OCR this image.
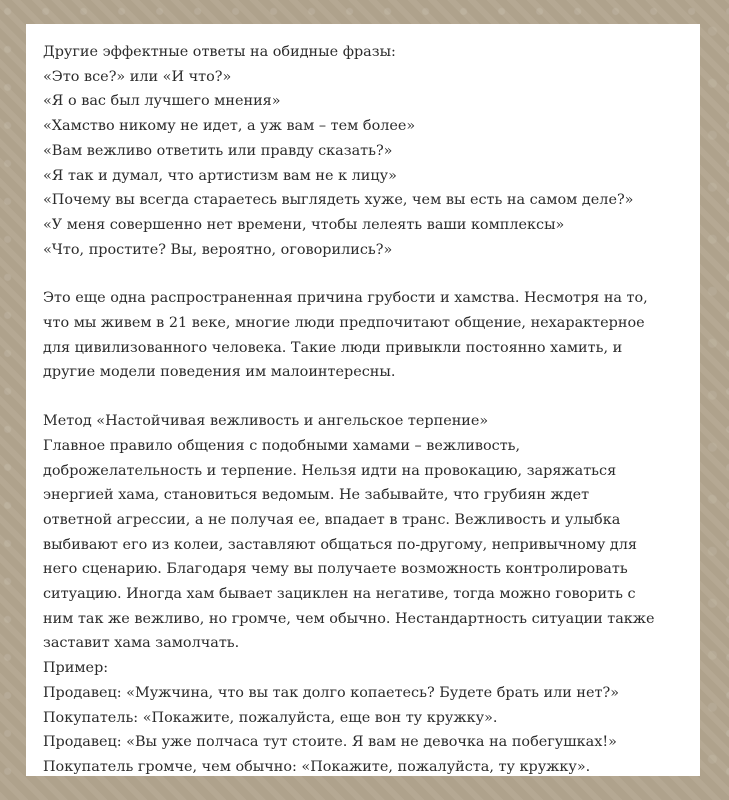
Другие эффектные ответы на обидные фразы:

«Это все?» или «И что?»

«Я о вас был лучшего мнения»

«Хамство никому не идет, а уж вам – тем более»

«Вам вежливо ответить или правду сказать?»

«Я так и думал, что артистизм вам не к лицу»

«Почему вы всегда стараетесь выглядеть хуже, чем вы есть на самом деле?»

«У меня совершенно нет времени, чтобы лелеять ваши комплексы»

«Что, простите? Вы, вероятно, оговорились?»

Это еще одна распространенная причина грубости и хамства. Несмотря на то,

что мы живем в 21 веке, многие люди предпочитают общение, нехарактерное

для цивилизованного человека. Такие люди привыкли постоянно хамить, и

другие модели поведения им малоинтересны.

Метод «Настойчивая вежливость и ангельское терпение»

Главное правило общения с подобными хамами – вежливость,

доброжелательность и терпение. Нельзя идти на провокацию, заряжаться

энергией хама, становиться ведомым. Не забывайте, что грубиян ждет

ответной агрессии, а не получая ее, впадает в транс. Вежливость и улыбка

выбивают его из колеи, заставляют общаться по-другому, непривычному для

него сценарию. Благодаря чему вы получаете возможность контролировать

ситуацию. Иногда хам бывает зациклен на негативе, тогда можно говорить с

ним так же вежливо, но громче, чем обычно. Нестандартность ситуации также

заставит хама замолчать.

Пример:

Продавец: «Мужчина, что вы так долго копаетесь? Будете брать или нет?»

Покупатель: «Покажите, пожалуйста, еще вон ту кружку».

Продавец: «Вы уже полчаса тут стоите. Я вам не девочка на побегушках!»

Покупатель громче, чем обычно: «Покажите, пожалуйста, ту кружку».
